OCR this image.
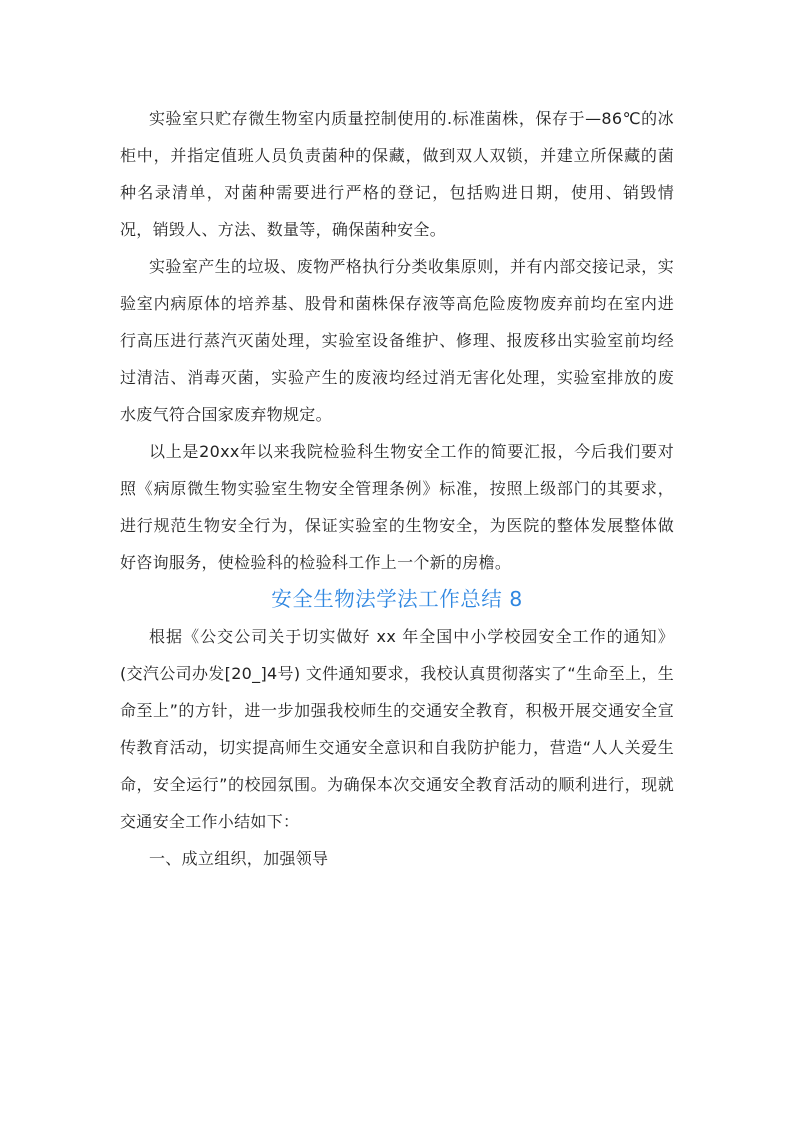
实验室只贮存微生物室内质量控制使用的.标准菌株，保存于—86℃的冰柜中，并指定值班人员负责菌种的保藏，做到双人双锁，并建立所保藏的菌种名录清单，对菌种需要进行严格的登记，包括购进日期，使用、销毁情况，销毁人、方法、数量等，确保菌种安全。

实验室产生的垃圾、废物严格执行分类收集原则，并有内部交接记录，实验室内病原体的培养基、股骨和菌株保存液等高危险废物废弃前均在室内进行高压进行蒸汽灭菌处理，实验室设备维护、修理、报废移出实验室前均经过清洁、消毒灭菌，实验产生的废液均经过消无害化处理，实验室排放的废水废气符合国家废弃物规定。

以上是20xx年以来我院检验科生物安全工作的简要汇报，今后我们要对照《病原微生物实验室生物安全管理条例》标准，按照上级部门的其要求，进行规范生物安全行为，保证实验室的生物安全，为医院的整体发展整体做好咨询服务，使检验科的检验科工作上一个新的房檐。

安全生物法学法工作总结 8

根据《公交公司关于切实做好 xx 年全国中小学校园安全工作的通知》(交汽公司办发[20_]4号) 文件通知要求，我校认真贯彻落实了“生命至上，生命至上”的方针，进一步加强我校师生的交通安全教育，积极开展交通安全宣传教育活动，切实提高师生交通安全意识和自我防护能力，营造“人人关爱生命，安全运行”的校园氛围。为确保本次交通安全教育活动的顺利进行，现就交通安全工作小结如下：

一、成立组织，加强领导
